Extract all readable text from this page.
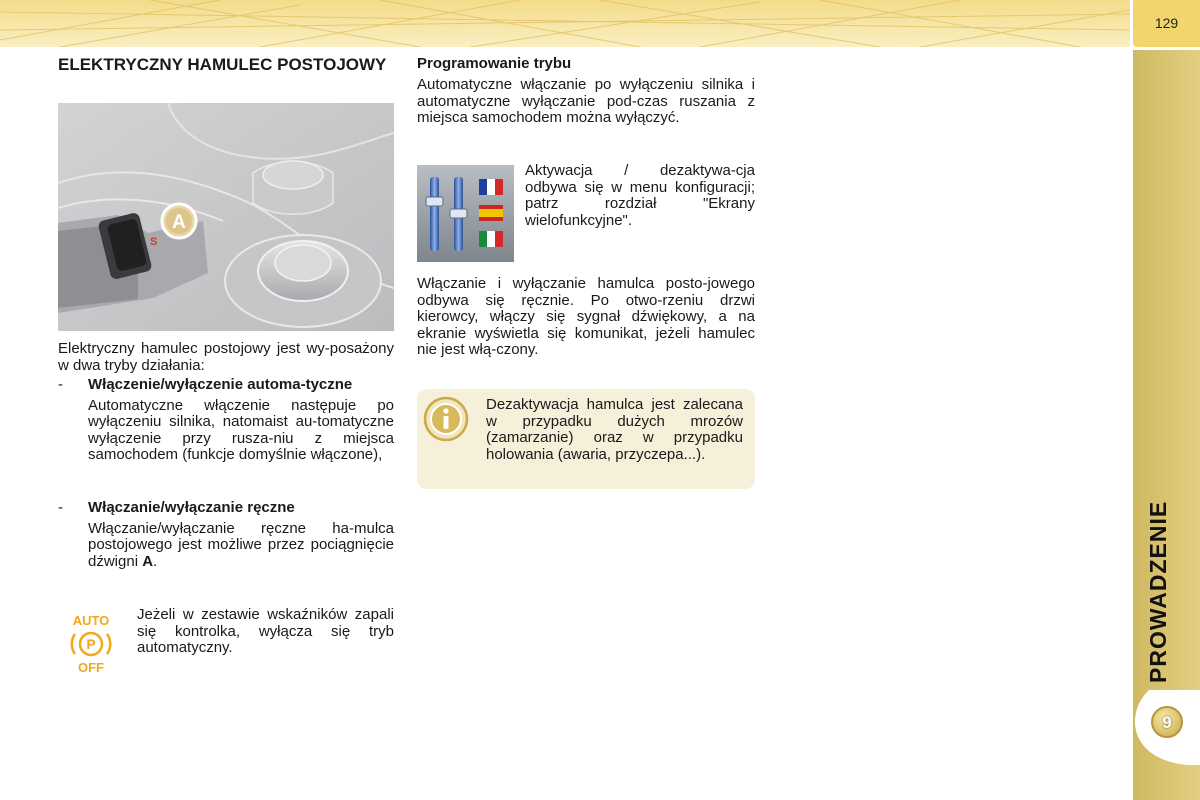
129
PROWADZENIE
9
ELEKTRYCZNY HAMULEC POSTOJOWY
S
A

Elektryczny hamulec postojowy jest wy-posażony w dwa tryby działania:

- Włączenie/wyłączenie automa-tyczne
Automatyczne włączenie następuje po wyłączeniu silnika, natomaist au-tomatyczne wyłączenie przy rusza-niu z miejsca samochodem (funkcje domyślnie włączone),
- Włączanie/wyłączanie ręczne
Włączanie/wyłączanie ręczne ha-mulca postojowego jest możliwe przez pociągnięcie dźwigni A.
AUTO
P
OFF

Jeżeli w zestawie wskaźników zapali się kontrolka, wyłącza się tryb automatyczny.

Programowanie trybu

Automatyczne włączanie po wyłączeniu silnika i automatyczne wyłączanie pod-czas ruszania z miejsca samochodem można wyłączyć.

Aktywacja / dezaktywa-cja odbywa się w menu konfiguracji; patrz rozdział "Ekrany wielofunkcyjne".

Włączanie i wyłączanie hamulca posto-jowego odbywa się ręcznie. Po otwo-rzeniu drzwi kierowcy, włączy się sygnał dźwiękowy, a na ekranie wyświetla się komunikat, jeżeli hamulec nie jest włą-czony.

Dezaktywacja hamulca jest zalecana w przypadku dużych mrozów (zamarzanie) oraz w przypadku holowania (awaria, przyczepa...).
